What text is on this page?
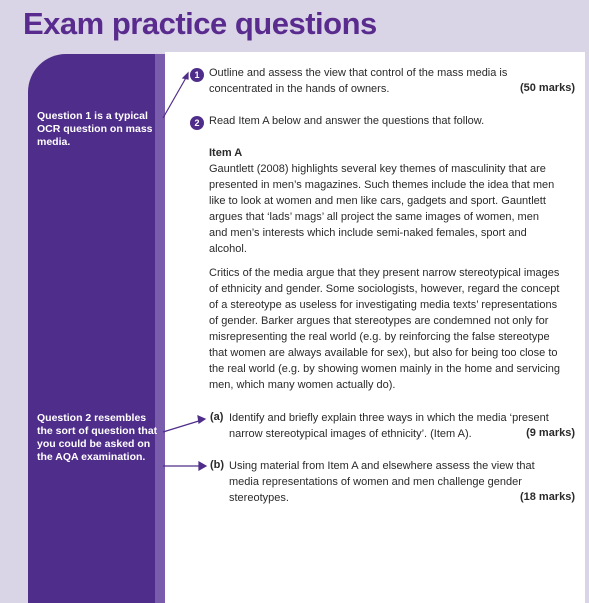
Exam practice questions
Question 1 is a typical OCR question on mass media.
Question 2 resembles the sort of question that you could be asked on the AQA examination.
1 Outline and assess the view that control of the mass media is
concentrated in the hands of owners.	(50 marks)
2 Read Item A below and answer the questions that follow.
Item A
Gauntlett (2008) highlights several key themes of masculinity that are
presented in men’s magazines. Such themes include the idea that men
like to look at women and men like cars, gadgets and sport. Gauntlett
argues that ‘lads’ mags’ all project the same images of women, men
and men’s interests which include semi-naked females, sport and
alcohol.
Critics of the media argue that they present narrow stereotypical images
of ethnicity and gender. Some sociologists, however, regard the concept
of a stereotype as useless for investigating media texts’ representations
of gender. Barker argues that stereotypes are condemned not only for
misrepresenting the real world (e.g. by reinforcing the false stereotype
that women are always available for sex), but also for being too close to
the real world (e.g. by showing women mainly in the home and servicing
men, which many women actually do).
(a) Identify and briefly explain three ways in which the media ‘present
narrow stereotypical images of ethnicity’. (Item A).	(9 marks)
(b) Using material from Item A and elsewhere assess the view that
media representations of women and men challenge gender
stereotypes.	(18 marks)
